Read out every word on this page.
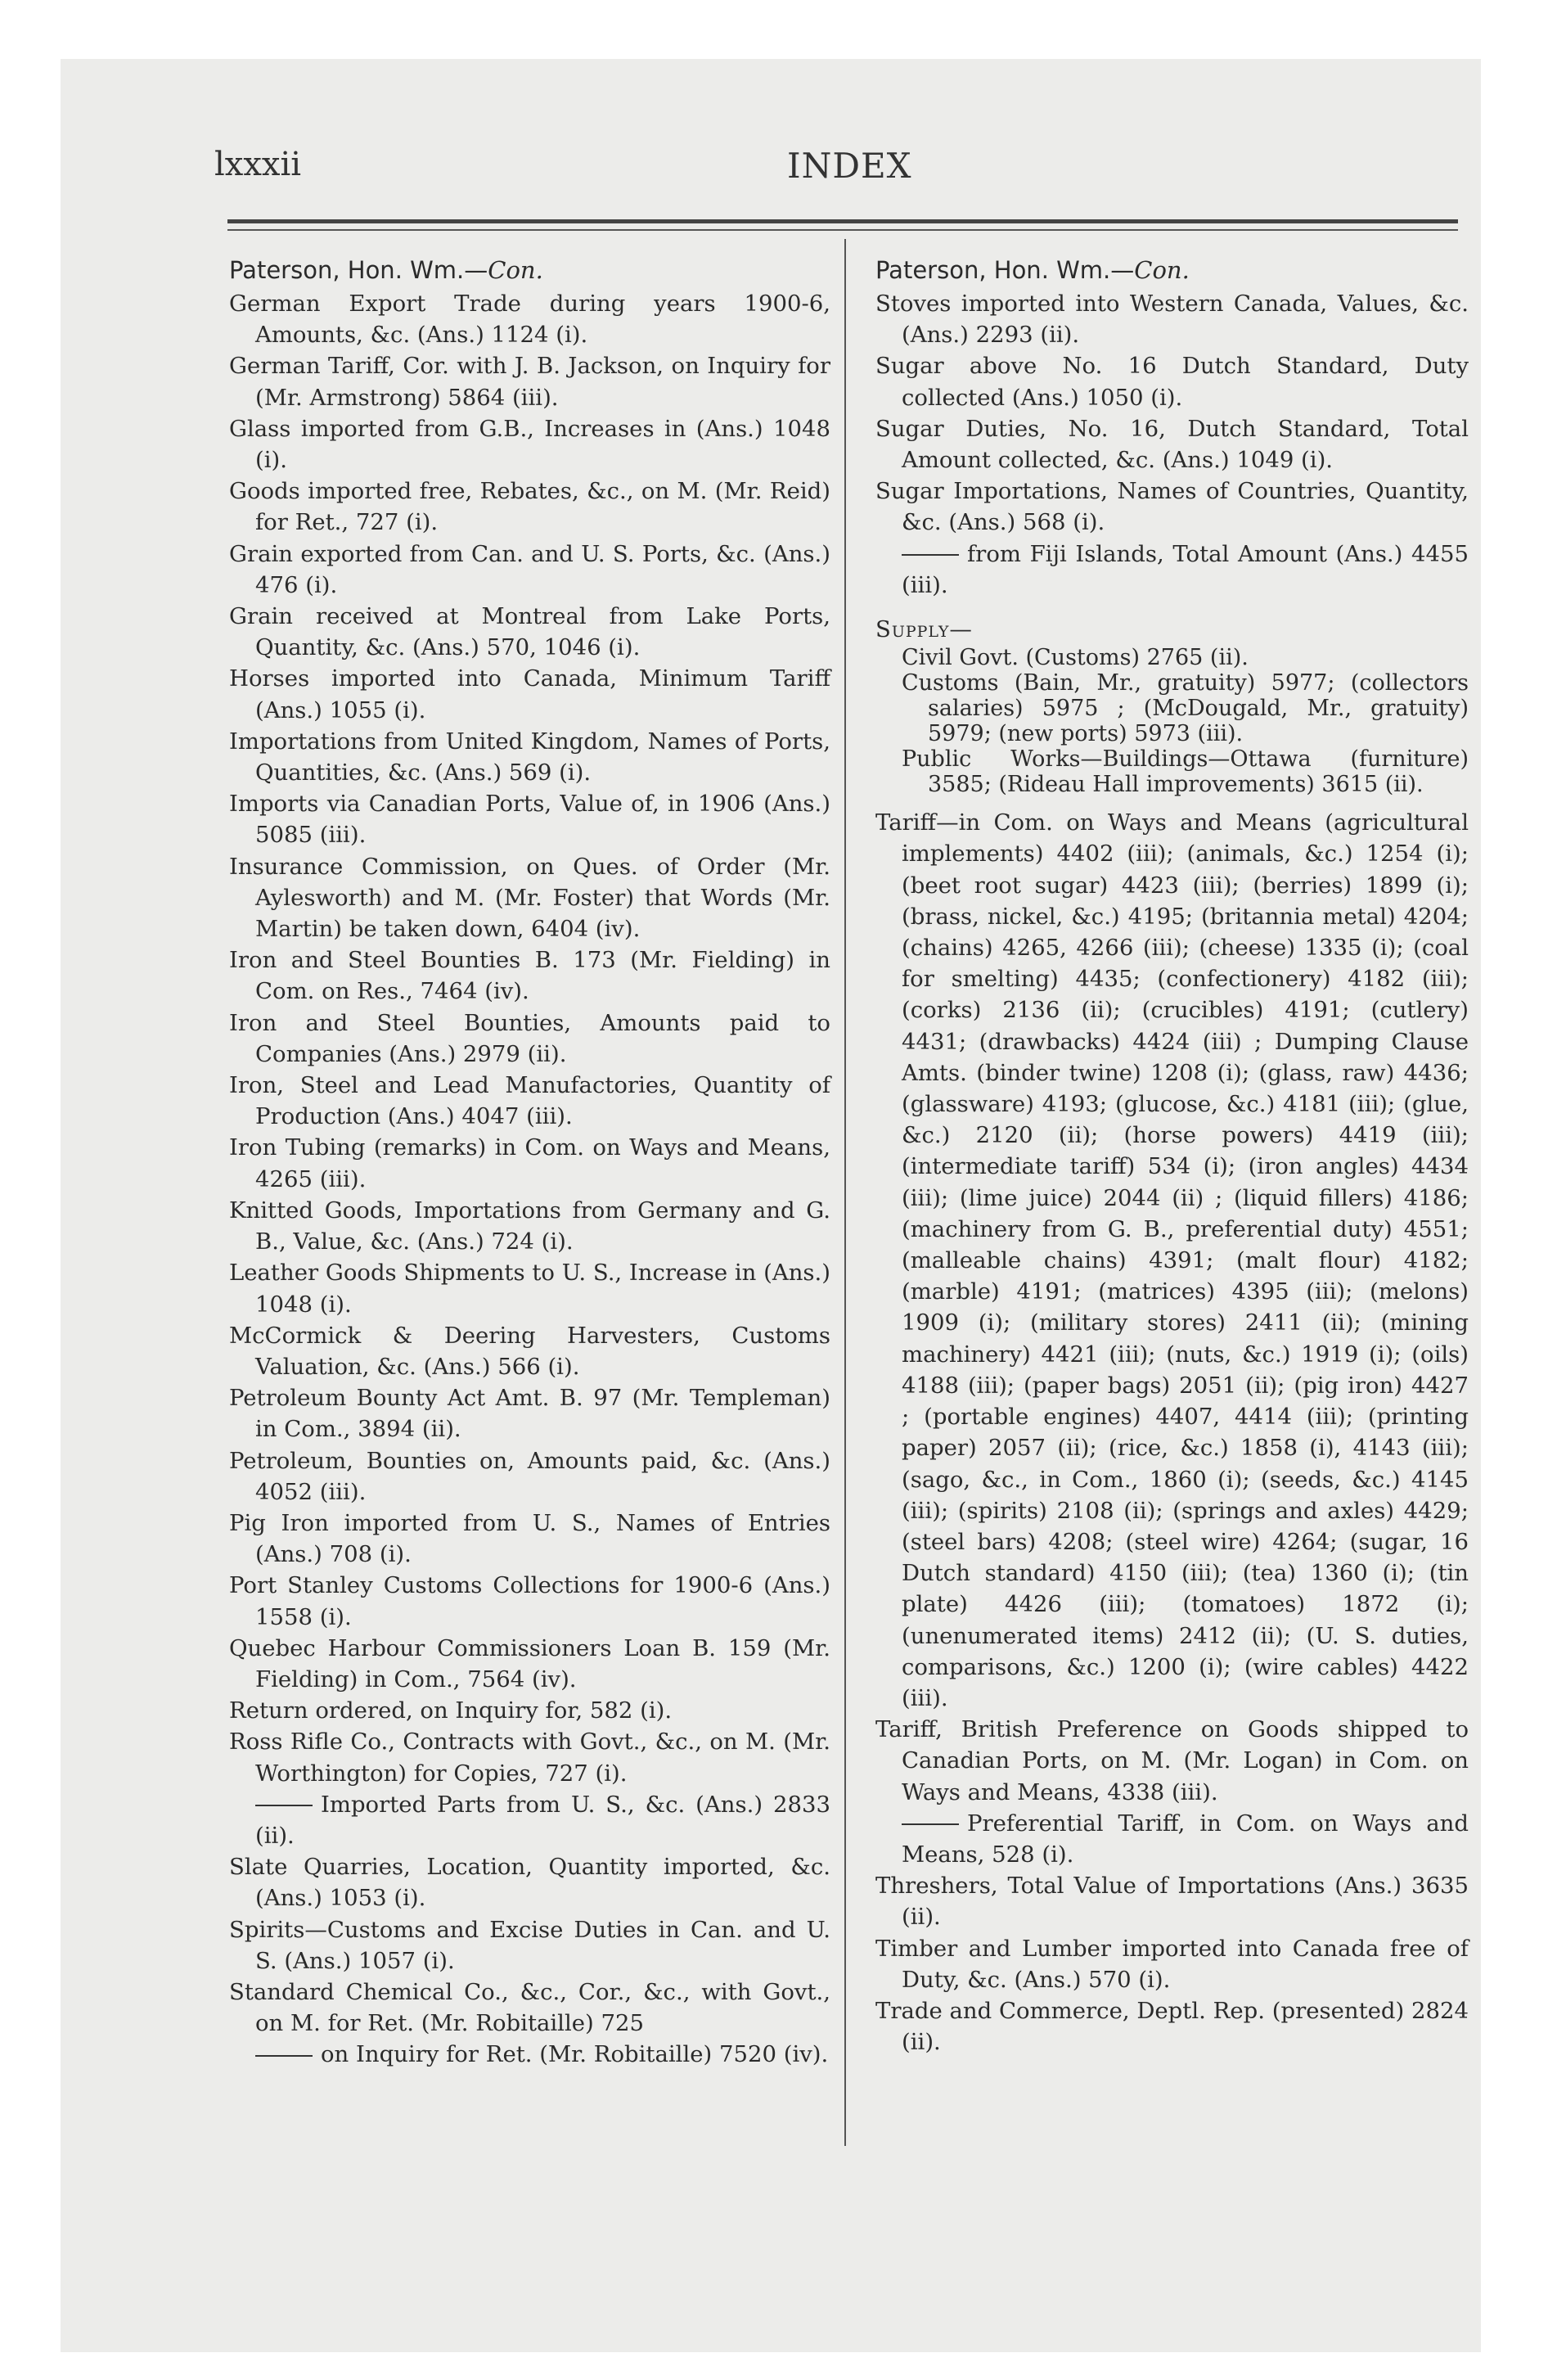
lxxxii	INDEX
Paterson, Hon. Wm.—Con.

German Export Trade during years 1900-6, Amounts, &c. (Ans.) 1124 (i).

German Tariff, Cor. with J. B. Jackson, on Inquiry for (Mr. Armstrong) 5864 (iii).

Glass imported from G.B., Increases in (Ans.) 1048 (i).

Goods imported free, Rebates, &c., on M. (Mr. Reid) for Ret., 727 (i).

Grain exported from Can. and U. S. Ports, &c. (Ans.) 476 (i).

Grain received at Montreal from Lake Ports, Quantity, &c. (Ans.) 570, 1046 (i).

Horses imported into Canada, Minimum Tariff (Ans.) 1055 (i).

Importations from United Kingdom, Names of Ports, Quantities, &c. (Ans.) 569 (i).

Imports via Canadian Ports, Value of, in 1906 (Ans.) 5085 (iii).

Insurance Commission, on Ques. of Order (Mr. Aylesworth) and M. (Mr. Foster) that Words (Mr. Martin) be taken down, 6404 (iv).

Iron and Steel Bounties B. 173 (Mr. Fielding) in Com. on Res., 7464 (iv).

Iron and Steel Bounties, Amounts paid to Companies (Ans.) 2979 (ii).

Iron, Steel and Lead Manufactories, Quantity of Production (Ans.) 4047 (iii).

Iron Tubing (remarks) in Com. on Ways and Means, 4265 (iii).

Knitted Goods, Importations from Germany and G. B., Value, &c. (Ans.) 724 (i).

Leather Goods Shipments to U. S., Increase in (Ans.) 1048 (i).

McCormick & Deering Harvesters, Customs Valuation, &c. (Ans.) 566 (i).

Petroleum Bounty Act Amt. B. 97 (Mr. Templeman) in Com., 3894 (ii).

Petroleum, Bounties on, Amounts paid, &c. (Ans.) 4052 (iii).

Pig Iron imported from U. S., Names of Entries (Ans.) 708 (i).

Port Stanley Customs Collections for 1900-6 (Ans.) 1558 (i).

Quebec Harbour Commissioners Loan B. 159 (Mr. Fielding) in Com., 7564 (iv).

Return ordered, on Inquiry for, 582 (i).

Ross Rifle Co., Contracts with Govt., &c., on M. (Mr. Worthington) for Copies, 727 (i).

Imported Parts from U. S., &c. (Ans.) 2833 (ii).

Slate Quarries, Location, Quantity imported, &c. (Ans.) 1053 (i).

Spirits—Customs and Excise Duties in Can. and U. S. (Ans.) 1057 (i).

Standard Chemical Co., &c., Cor., &c., with Govt., on M. for Ret. (Mr. Robitaille) 725

on Inquiry for Ret. (Mr. Robitaille) 7520 (iv).

Paterson, Hon. Wm.—Con.

Stoves imported into Western Canada, Values, &c. (Ans.) 2293 (ii).

Sugar above No. 16 Dutch Standard, Duty collected (Ans.) 1050 (i).

Sugar Duties, No. 16, Dutch Standard, Total Amount collected, &c. (Ans.) 1049 (i).

Sugar Importations, Names of Countries, Quantity, &c. (Ans.) 568 (i).

from Fiji Islands, Total Amount (Ans.) 4455 (iii).

Supply—

Civil Govt. (Customs) 2765 (ii).

Customs (Bain, Mr., gratuity) 5977; (collectors salaries) 5975 ; (McDougald, Mr., gratuity) 5979; (new ports) 5973 (iii).

Public Works—Buildings—Ottawa (furniture) 3585; (Rideau Hall improvements) 3615 (ii).

Tariff—in Com. on Ways and Means (agricultural implements) 4402 (iii); (animals, &c.) 1254 (i); (beet root sugar) 4423 (iii); (berries) 1899 (i); (brass, nickel, &c.) 4195; (britannia metal) 4204; (chains) 4265, 4266 (iii); (cheese) 1335 (i); (coal for smelting) 4435; (confectionery) 4182 (iii); (corks) 2136 (ii); (crucibles) 4191; (cutlery) 4431; (drawbacks) 4424 (iii) ; Dumping Clause Amts. (binder twine) 1208 (i); (glass, raw) 4436; (glassware) 4193; (glucose, &c.) 4181 (iii); (glue, &c.) 2120 (ii); (horse powers) 4419 (iii); (intermediate tariff) 534 (i); (iron angles) 4434 (iii); (lime juice) 2044 (ii) ; (liquid fillers) 4186; (machinery from G. B., preferential duty) 4551; (malleable chains) 4391; (malt flour) 4182; (marble) 4191; (matrices) 4395 (iii); (melons) 1909 (i); (military stores) 2411 (ii); (mining machinery) 4421 (iii); (nuts, &c.) 1919 (i); (oils) 4188 (iii); (paper bags) 2051 (ii); (pig iron) 4427 ; (portable engines) 4407, 4414 (iii); (printing paper) 2057 (ii); (rice, &c.) 1858 (i), 4143 (iii); (sago, &c., in Com., 1860 (i); (seeds, &c.) 4145 (iii); (spirits) 2108 (ii); (springs and axles) 4429; (steel bars) 4208; (steel wire) 4264; (sugar, 16 Dutch standard) 4150 (iii); (tea) 1360 (i); (tin plate) 4426 (iii); (tomatoes) 1872 (i); (unenumerated items) 2412 (ii); (U. S. duties, comparisons, &c.) 1200 (i); (wire cables) 4422 (iii).

Tariff, British Preference on Goods shipped to Canadian Ports, on M. (Mr. Logan) in Com. on Ways and Means, 4338 (iii).

Preferential Tariff, in Com. on Ways and Means, 528 (i).

Threshers, Total Value of Importations (Ans.) 3635 (ii).

Timber and Lumber imported into Canada free of Duty, &c. (Ans.) 570 (i).

Trade and Commerce, Deptl. Rep. (presented) 2824 (ii).
